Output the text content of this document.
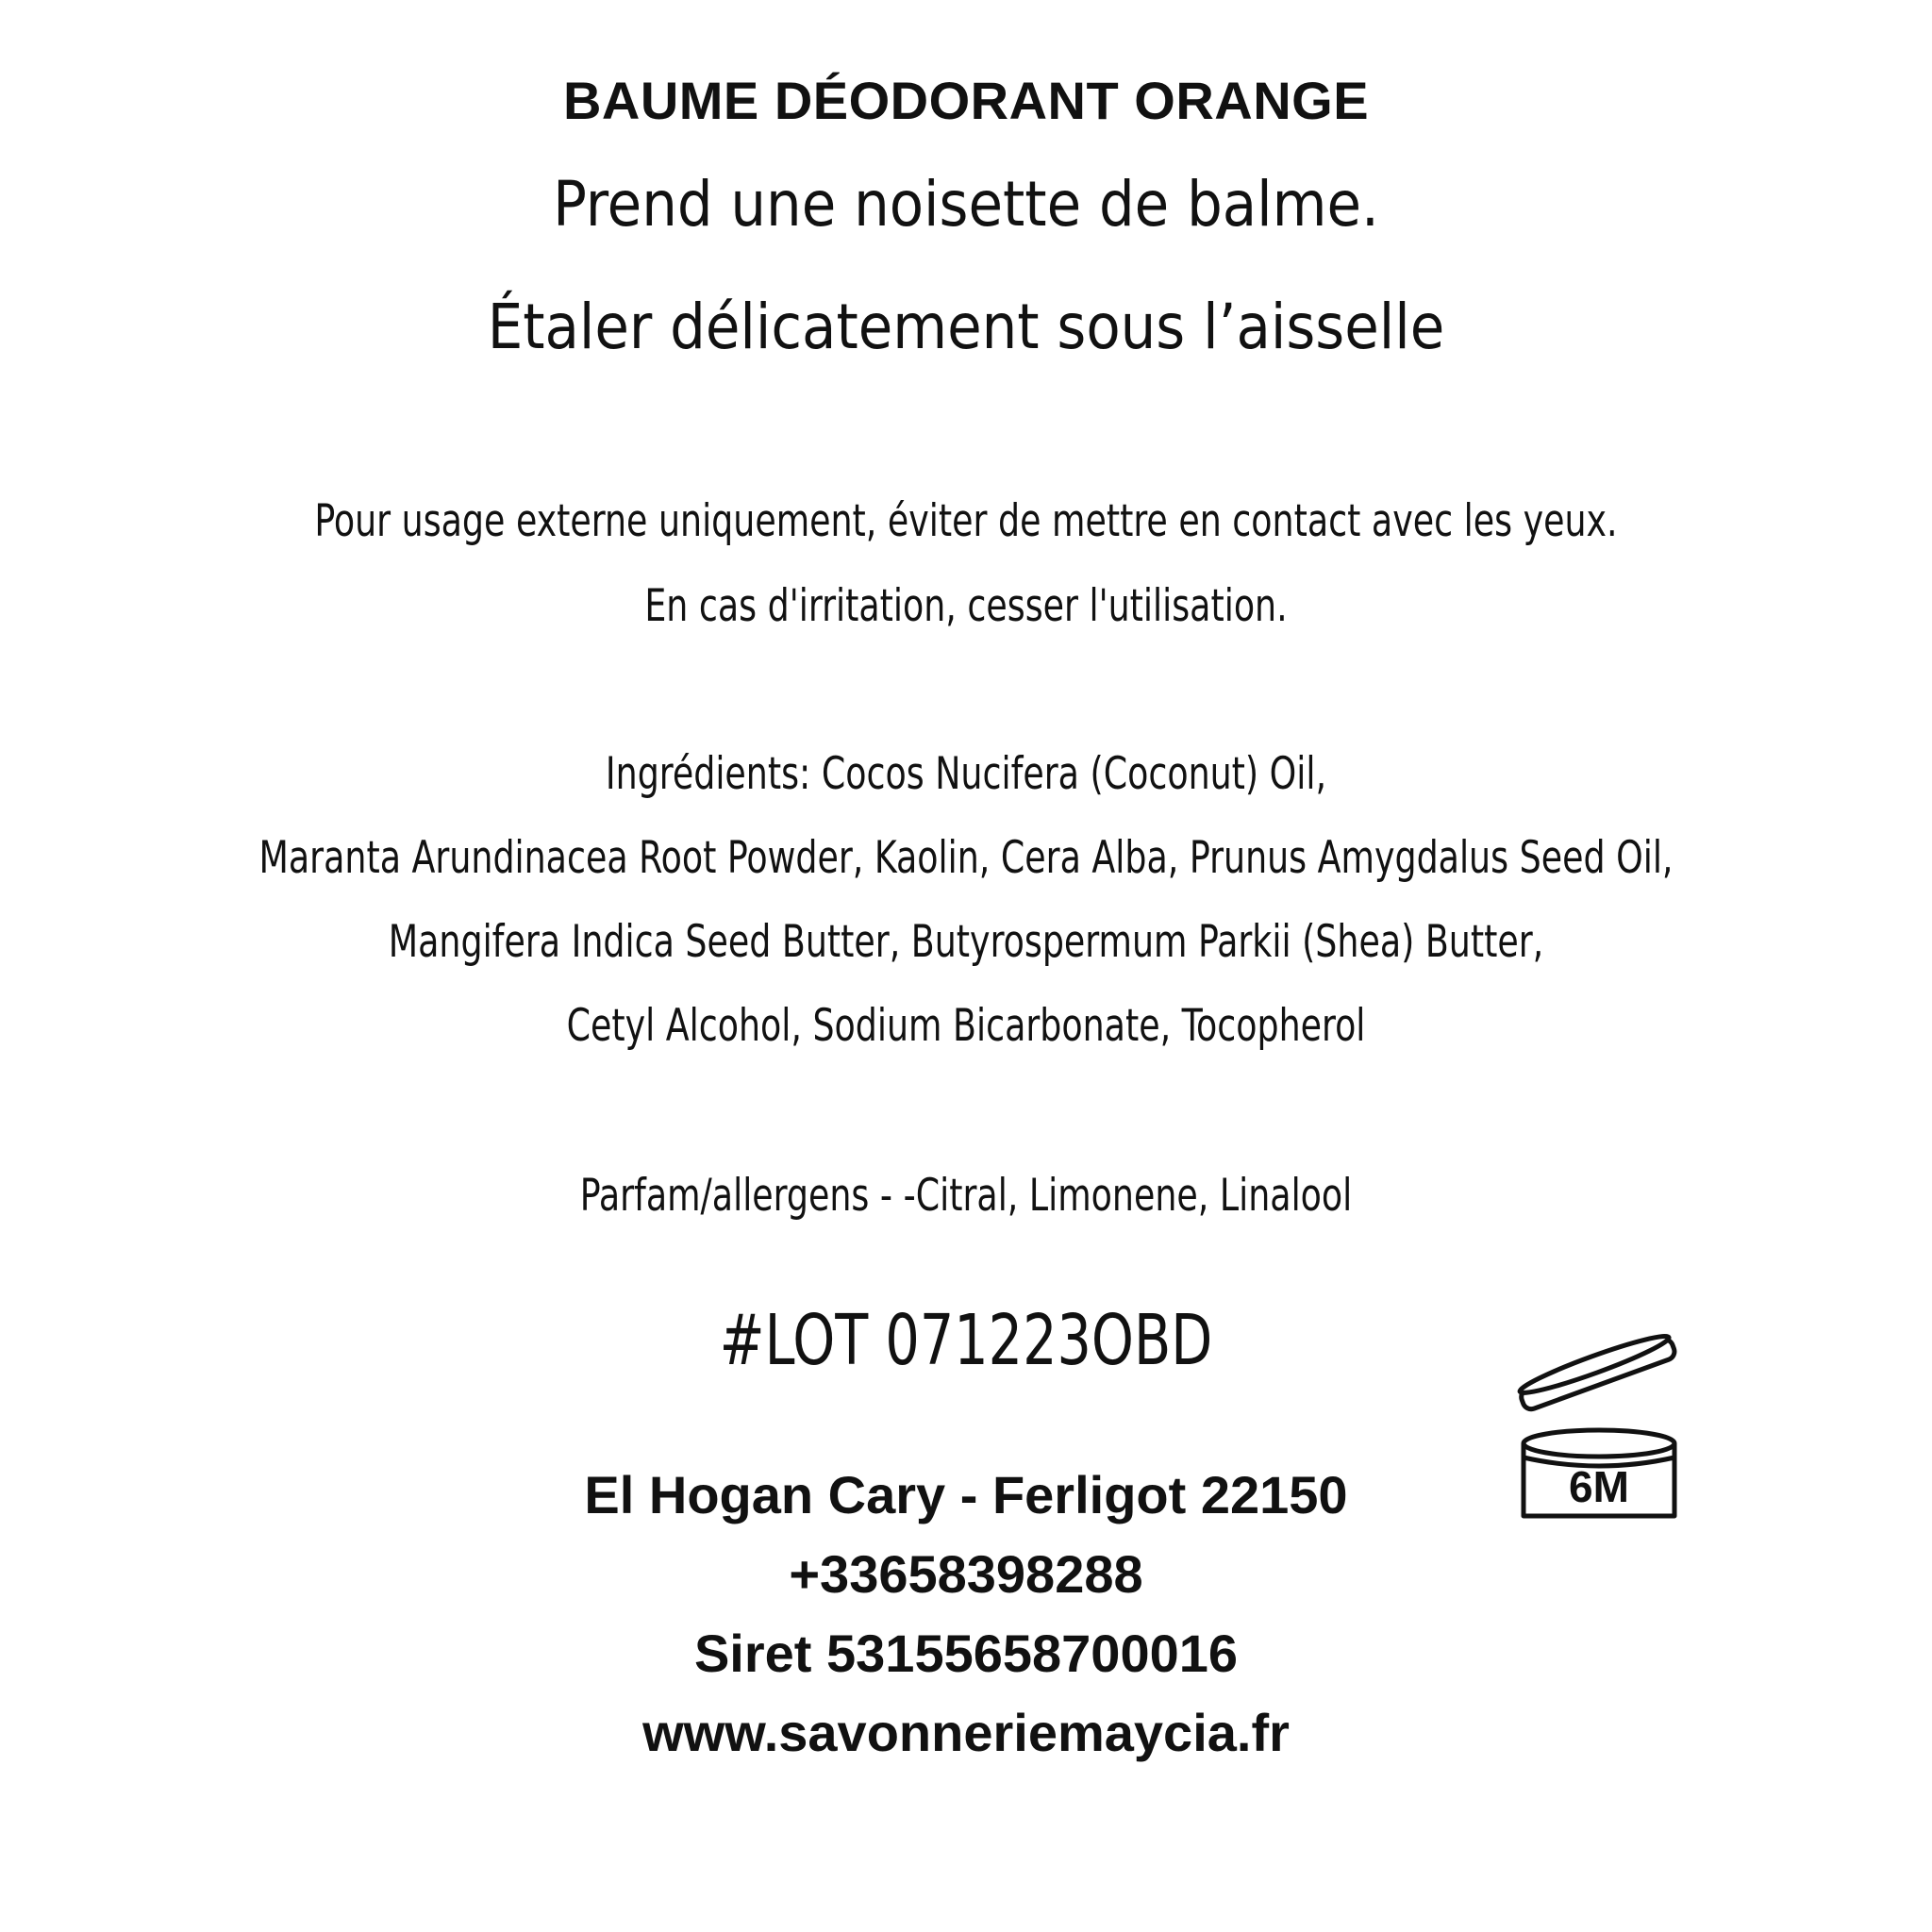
BAUME DÉODORANT ORANGE
Prend une noisette de balme.
Étaler délicatement sous l’aisselle
Pour usage externe uniquement, éviter de mettre en contact avec les yeux.
En cas d'irritation, cesser l'utilisation.
Ingrédients: Cocos Nucifera (Coconut) Oil,
Maranta Arundinacea Root Powder, Kaolin, Cera Alba, Prunus Amygdalus Seed Oil,
Mangifera Indica Seed Butter, Butyrospermum Parkii (Shea) Butter,
Cetyl Alcohol, Sodium Bicarbonate, Tocopherol
Parfam/allergens - -Citral, Limonene, Linalool
#LOT 071223OBD
El Hogan Cary - Ferligot 22150
+33658398288
Siret 53155658700016
www.savonneriemaycia.fr
6M
